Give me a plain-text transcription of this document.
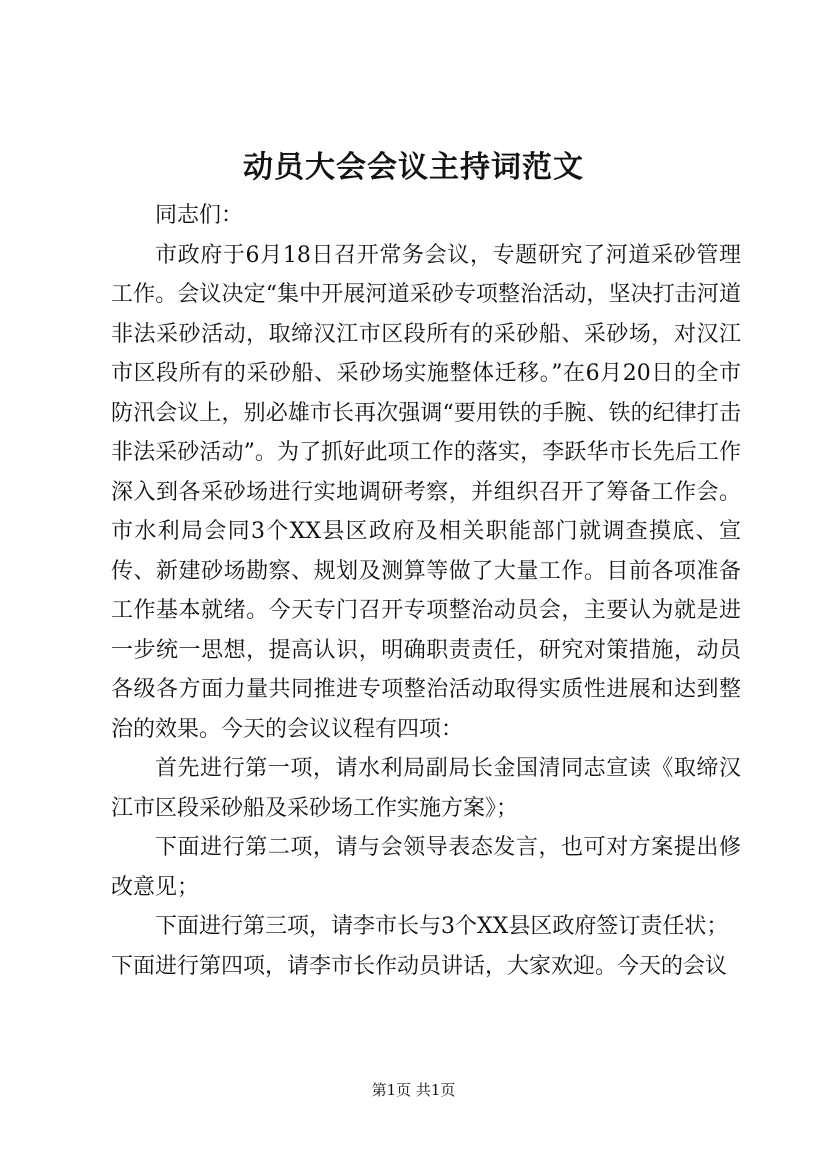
动员大会会议主持词范文

同志们：

市政府于6月18日召开常务会议，专题研究了河道采砂管理工作。会议决定“集中开展河道采砂专项整治活动，坚决打击河道非法采砂活动，取缔汉江市区段所有的采砂船、采砂场，对汉江市区段所有的采砂船、采砂场实施整体迁移。”在6月20日的全市防汛会议上，别必雄市长再次强调“要用铁的手腕、铁的纪律打击非法采砂活动”。为了抓好此项工作的落实，李跃华市长先后工作深入到各采砂场进行实地调研考察，并组织召开了筹备工作会。市水利局会同3个XX县区政府及相关职能部门就调查摸底、宣传、新建砂场勘察、规划及测算等做了大量工作。目前各项准备工作基本就绪。今天专门召开专项整治动员会，主要认为就是进一步统一思想，提高认识，明确职责责任，研究对策措施，动员各级各方面力量共同推进专项整治活动取得实质性进展和达到整治的效果。今天的会议议程有四项：

首先进行第一项，请水利局副局长金国清同志宣读《取缔汉江市区段采砂船及采砂场工作实施方案》；

下面进行第二项，请与会领导表态发言，也可对方案提出修改意见；

下面进行第三项，请李市长与3个XX县区政府签订责任状；

下面进行第四项，请李市长作动员讲话，大家欢迎。今天的会议

第1页 共1页
